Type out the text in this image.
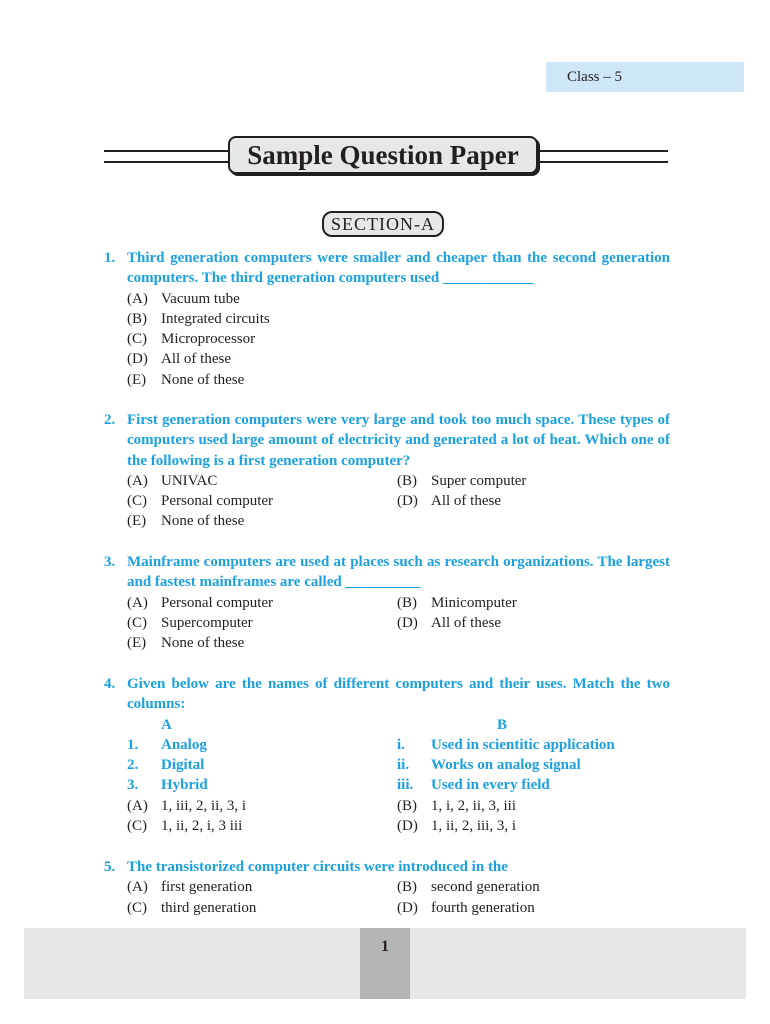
Class – 5
Sample Question Paper
SECTION-A
1. Third generation computers were smaller and cheaper than the second generation computers. The third generation computers used ____________
(A) Vacuum tube
(B) Integrated circuits
(C) Microprocessor
(D) All of these
(E) None of these
2. First generation computers were very large and took too much space. These types of computers used large amount of electricity and generated a lot of heat. Which one of the following is a first generation computer?
(A) UNIVAC	(B) Super computer
(C) Personal computer	(D) All of these
(E) None of these
3. Mainframe computers are used at places such as research organizations. The largest and fastest mainframes are called __________
(A) Personal computer	(B) Minicomputer
(C) Supercomputer	(D) All of these
(E) None of these
4. Given below are the names of different computers and their uses. Match the two columns:
A	B
1.	Analog	i.	Used in scientitic application
2.	Digital	ii.	Works on analog signal
3.	Hybrid	iii.	Used in every field
(A) 1, iii, 2, ii, 3, i	(B) 1, i, 2, ii, 3, iii
(C) 1, ii, 2, i, 3 iii	(D) 1, ii, 2, iii, 3, i
5. The transistorized computer circuits were introduced in the
(A) first generation	(B) second generation
(C) third generation	(D) fourth generation
1
